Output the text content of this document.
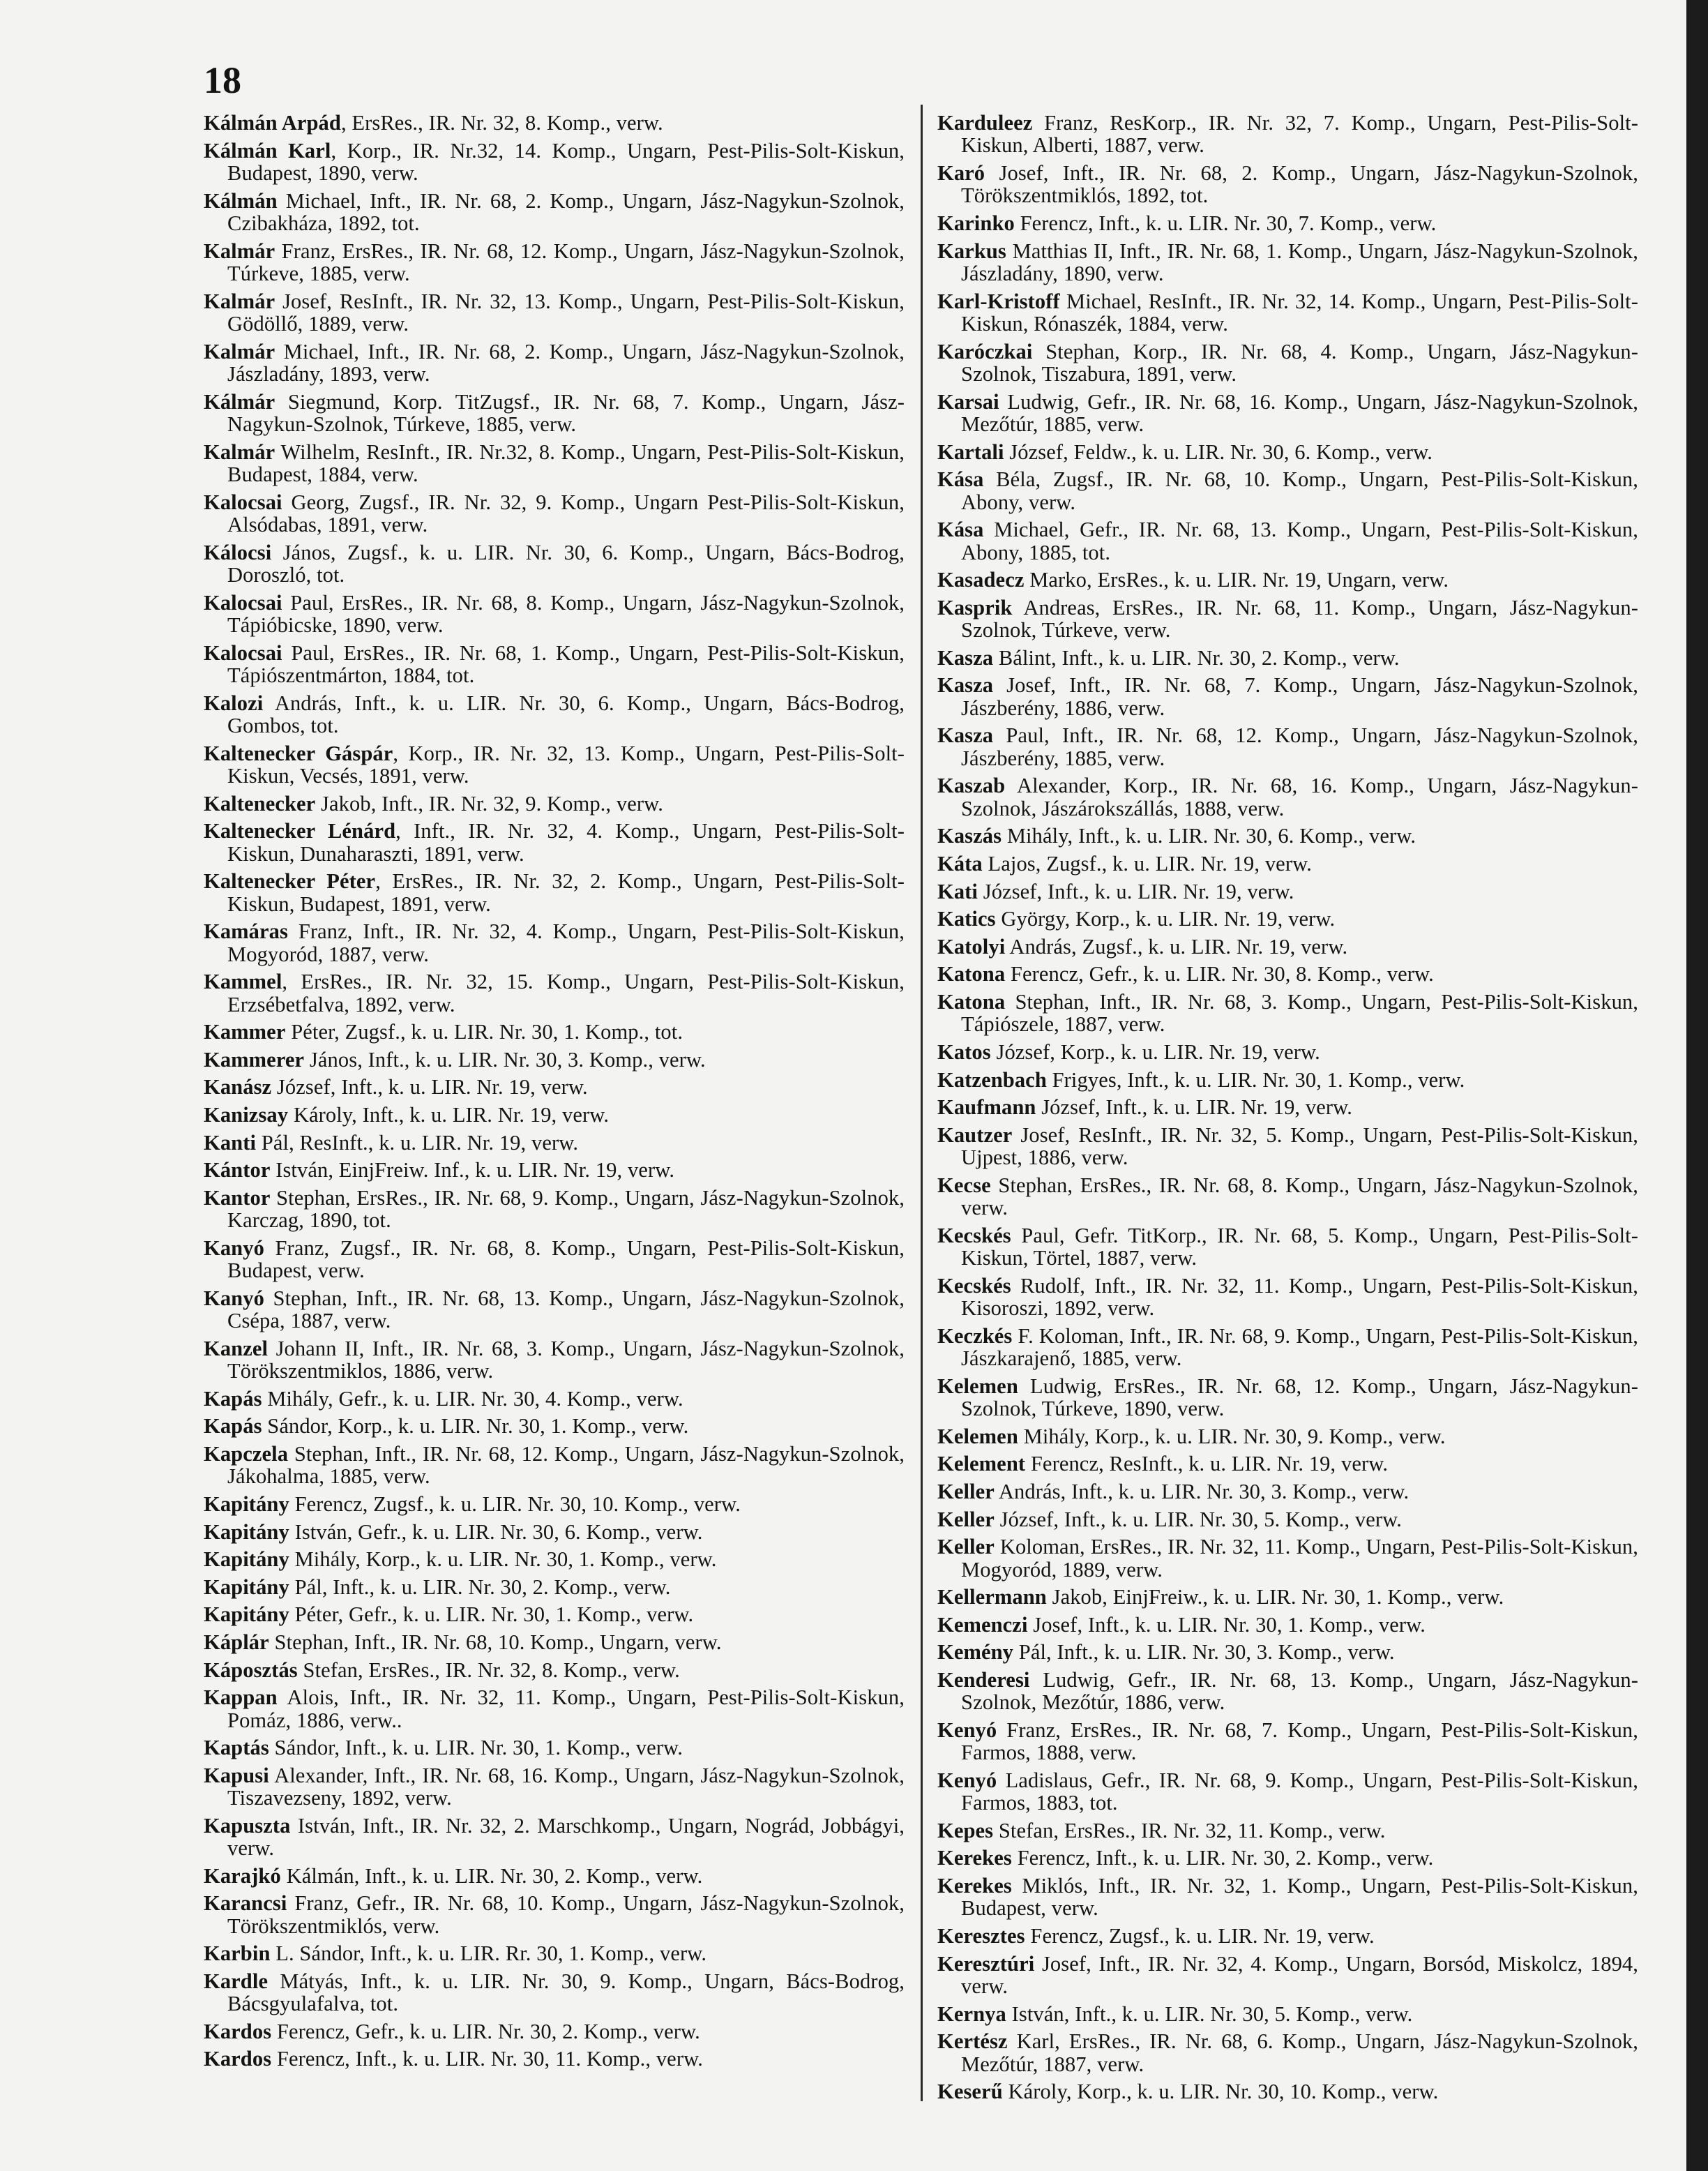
18

Kálmán Arpád, ErsRes., IR. Nr. 32, 8. Komp., verw.

Kálmán Karl, Korp., IR. Nr.32, 14. Komp., Ungarn, Pest-Pilis-Solt-Kiskun, Budapest, 1890, verw.

Kálmán Michael, Inft., IR. Nr. 68, 2. Komp., Ungarn, Jász-Nagykun-Szolnok, Czibakháza, 1892, tot.

Kalmár Franz, ErsRes., IR. Nr. 68, 12. Komp., Ungarn, Jász-Nagykun-Szolnok, Túrkeve, 1885, verw.

Kalmár Josef, ResInft., IR. Nr. 32, 13. Komp., Ungarn, Pest-Pilis-Solt-Kiskun, Gödöllő, 1889, verw.

Kalmár Michael, Inft., IR. Nr. 68, 2. Komp., Ungarn, Jász-Nagykun-Szolnok, Jászladány, 1893, verw.

Kálmár Siegmund, Korp. TitZugsf., IR. Nr. 68, 7. Komp., Ungarn, Jász-Nagykun-Szolnok, Túrkeve, 1885, verw.

Kalmár Wilhelm, ResInft., IR. Nr.32, 8. Komp., Ungarn, Pest-Pilis-Solt-Kiskun, Budapest, 1884, verw.

Kalocsai Georg, Zugsf., IR. Nr. 32, 9. Komp., Ungarn Pest-Pilis-Solt-Kiskun, Alsódabas, 1891, verw.

Kálocsi János, Zugsf., k. u. LIR. Nr. 30, 6. Komp., Ungarn, Bács-Bodrog, Doroszló, tot.

Kalocsai Paul, ErsRes., IR. Nr. 68, 8. Komp., Ungarn, Jász-Nagykun-Szolnok, Tápióbicske, 1890, verw.

Kalocsai Paul, ErsRes., IR. Nr. 68, 1. Komp., Ungarn, Pest-Pilis-Solt-Kiskun, Tápiószentmárton, 1884, tot.

Kalozi András, Inft., k. u. LIR. Nr. 30, 6. Komp., Ungarn, Bács-Bodrog, Gombos, tot.

Kaltenecker Gáspár, Korp., IR. Nr. 32, 13. Komp., Ungarn, Pest-Pilis-Solt-Kiskun, Vecsés, 1891, verw.

Kaltenecker Jakob, Inft., IR. Nr. 32, 9. Komp., verw.

Kaltenecker Lénárd, Inft., IR. Nr. 32, 4. Komp., Ungarn, Pest-Pilis-Solt-Kiskun, Dunaharaszti, 1891, verw.

Kaltenecker Péter, ErsRes., IR. Nr. 32, 2. Komp., Ungarn, Pest-Pilis-Solt-Kiskun, Budapest, 1891, verw.

Kamáras Franz, Inft., IR. Nr. 32, 4. Komp., Ungarn, Pest-Pilis-Solt-Kiskun, Mogyoród, 1887, verw.

Kammel, ErsRes., IR. Nr. 32, 15. Komp., Ungarn, Pest-Pilis-Solt-Kiskun, Erzsébetfalva, 1892, verw.

Kammer Péter, Zugsf., k. u. LIR. Nr. 30, 1. Komp., tot.

Kammerer János, Inft., k. u. LIR. Nr. 30, 3. Komp., verw.

Kanász József, Inft., k. u. LIR. Nr. 19, verw.

Kanizsay Károly, Inft., k. u. LIR. Nr. 19, verw.

Kanti Pál, ResInft., k. u. LIR. Nr. 19, verw.

Kántor István, EinjFreiw. Inf., k. u. LIR. Nr. 19, verw.

Kantor Stephan, ErsRes., IR. Nr. 68, 9. Komp., Ungarn, Jász-Nagykun-Szolnok, Karczag, 1890, tot.

Kanyó Franz, Zugsf., IR. Nr. 68, 8. Komp., Ungarn, Pest-Pilis-Solt-Kiskun, Budapest, verw.

Kanyó Stephan, Inft., IR. Nr. 68, 13. Komp., Ungarn, Jász-Nagykun-Szolnok, Csépa, 1887, verw.

Kanzel Johann II, Inft., IR. Nr. 68, 3. Komp., Ungarn, Jász-Nagykun-Szolnok, Törökszentmiklos, 1886, verw.

Kapás Mihály, Gefr., k. u. LIR. Nr. 30, 4. Komp., verw.

Kapás Sándor, Korp., k. u. LIR. Nr. 30, 1. Komp., verw.

Kapczela Stephan, Inft., IR. Nr. 68, 12. Komp., Ungarn, Jász-Nagykun-Szolnok, Jákohalma, 1885, verw.

Kapitány Ferencz, Zugsf., k. u. LIR. Nr. 30, 10. Komp., verw.

Kapitány István, Gefr., k. u. LIR. Nr. 30, 6. Komp., verw.

Kapitány Mihály, Korp., k. u. LIR. Nr. 30, 1. Komp., verw.

Kapitány Pál, Inft., k. u. LIR. Nr. 30, 2. Komp., verw.

Kapitány Péter, Gefr., k. u. LIR. Nr. 30, 1. Komp., verw.

Káplár Stephan, Inft., IR. Nr. 68, 10. Komp., Ungarn, verw.

Káposztás Stefan, ErsRes., IR. Nr. 32, 8. Komp., verw.

Kappan Alois, Inft., IR. Nr. 32, 11. Komp., Ungarn, Pest-Pilis-Solt-Kiskun, Pomáz, 1886, verw..

Kaptás Sándor, Inft., k. u. LIR. Nr. 30, 1. Komp., verw.

Kapusi Alexander, Inft., IR. Nr. 68, 16. Komp., Ungarn, Jász-Nagykun-Szolnok, Tiszavezseny, 1892, verw.

Kapuszta István, Inft., IR. Nr. 32, 2. Marschkomp., Ungarn, Nográd, Jobbágyi, verw.

Karajkó Kálmán, Inft., k. u. LIR. Nr. 30, 2. Komp., verw.

Karancsi Franz, Gefr., IR. Nr. 68, 10. Komp., Ungarn, Jász-Nagykun-Szolnok, Törökszentmiklós, verw.

Karbin L. Sándor, Inft., k. u. LIR. Rr. 30, 1. Komp., verw.

Kardle Mátyás, Inft., k. u. LIR. Nr. 30, 9. Komp., Ungarn, Bács-Bodrog, Bácsgyulafalva, tot.

Kardos Ferencz, Gefr., k. u. LIR. Nr. 30, 2. Komp., verw.

Kardos Ferencz, Inft., k. u. LIR. Nr. 30, 11. Komp., verw.

Karduleez Franz, ResKorp., IR. Nr. 32, 7. Komp., Ungarn, Pest-Pilis-Solt-Kiskun, Alberti, 1887, verw.

Karó Josef, Inft., IR. Nr. 68, 2. Komp., Ungarn, Jász-Nagykun-Szolnok, Törökszentmiklós, 1892, tot.

Karinko Ferencz, Inft., k. u. LIR. Nr. 30, 7. Komp., verw.

Karkus Matthias II, Inft., IR. Nr. 68, 1. Komp., Ungarn, Jász-Nagykun-Szolnok, Jászladány, 1890, verw.

Karl-Kristoff Michael, ResInft., IR. Nr. 32, 14. Komp., Ungarn, Pest-Pilis-Solt-Kiskun, Rónaszék, 1884, verw.

Karóczkai Stephan, Korp., IR. Nr. 68, 4. Komp., Ungarn, Jász-Nagykun-Szolnok, Tiszabura, 1891, verw.

Karsai Ludwig, Gefr., IR. Nr. 68, 16. Komp., Ungarn, Jász-Nagykun-Szolnok, Mezőtúr, 1885, verw.

Kartali József, Feldw., k. u. LIR. Nr. 30, 6. Komp., verw.

Kása Béla, Zugsf., IR. Nr. 68, 10. Komp., Ungarn, Pest-Pilis-Solt-Kiskun, Abony, verw.

Kása Michael, Gefr., IR. Nr. 68, 13. Komp., Ungarn, Pest-Pilis-Solt-Kiskun, Abony, 1885, tot.

Kasadecz Marko, ErsRes., k. u. LIR. Nr. 19, Ungarn, verw.

Kasprik Andreas, ErsRes., IR. Nr. 68, 11. Komp., Ungarn, Jász-Nagykun-Szolnok, Túrkeve, verw.

Kasza Bálint, Inft., k. u. LIR. Nr. 30, 2. Komp., verw.

Kasza Josef, Inft., IR. Nr. 68, 7. Komp., Ungarn, Jász-Nagykun-Szolnok, Jászberény, 1886, verw.

Kasza Paul, Inft., IR. Nr. 68, 12. Komp., Ungarn, Jász-Nagykun-Szolnok, Jászberény, 1885, verw.

Kaszab Alexander, Korp., IR. Nr. 68, 16. Komp., Ungarn, Jász-Nagykun-Szolnok, Jászárokszállás, 1888, verw.

Kaszás Mihály, Inft., k. u. LIR. Nr. 30, 6. Komp., verw.

Káta Lajos, Zugsf., k. u. LIR. Nr. 19, verw.

Kati József, Inft., k. u. LIR. Nr. 19, verw.

Katics György, Korp., k. u. LIR. Nr. 19, verw.

Katolyi András, Zugsf., k. u. LIR. Nr. 19, verw.

Katona Ferencz, Gefr., k. u. LIR. Nr. 30, 8. Komp., verw.

Katona Stephan, Inft., IR. Nr. 68, 3. Komp., Ungarn, Pest-Pilis-Solt-Kiskun, Tápiószele, 1887, verw.

Katos József, Korp., k. u. LIR. Nr. 19, verw.

Katzenbach Frigyes, Inft., k. u. LIR. Nr. 30, 1. Komp., verw.

Kaufmann József, Inft., k. u. LIR. Nr. 19, verw.

Kautzer Josef, ResInft., IR. Nr. 32, 5. Komp., Ungarn, Pest-Pilis-Solt-Kiskun, Ujpest, 1886, verw.

Kecse Stephan, ErsRes., IR. Nr. 68, 8. Komp., Ungarn, Jász-Nagykun-Szolnok, verw.

Kecskés Paul, Gefr. TitKorp., IR. Nr. 68, 5. Komp., Ungarn, Pest-Pilis-Solt-Kiskun, Törtel, 1887, verw.

Kecskés Rudolf, Inft., IR. Nr. 32, 11. Komp., Ungarn, Pest-Pilis-Solt-Kiskun, Kisoroszi, 1892, verw.

Keczkés F. Koloman, Inft., IR. Nr. 68, 9. Komp., Ungarn, Pest-Pilis-Solt-Kiskun, Jászkarajenő, 1885, verw.

Kelemen Ludwig, ErsRes., IR. Nr. 68, 12. Komp., Ungarn, Jász-Nagykun-Szolnok, Túrkeve, 1890, verw.

Kelemen Mihály, Korp., k. u. LIR. Nr. 30, 9. Komp., verw.

Kelement Ferencz, ResInft., k. u. LIR. Nr. 19, verw.

Keller András, Inft., k. u. LIR. Nr. 30, 3. Komp., verw.

Keller József, Inft., k. u. LIR. Nr. 30, 5. Komp., verw.

Keller Koloman, ErsRes., IR. Nr. 32, 11. Komp., Ungarn, Pest-Pilis-Solt-Kiskun, Mogyoród, 1889, verw.

Kellermann Jakob, EinjFreiw., k. u. LIR. Nr. 30, 1. Komp., verw.

Kemenczi Josef, Inft., k. u. LIR. Nr. 30, 1. Komp., verw.

Kemény Pál, Inft., k. u. LIR. Nr. 30, 3. Komp., verw.

Kenderesi Ludwig, Gefr., IR. Nr. 68, 13. Komp., Ungarn, Jász-Nagykun-Szolnok, Mezőtúr, 1886, verw.

Kenyó Franz, ErsRes., IR. Nr. 68, 7. Komp., Ungarn, Pest-Pilis-Solt-Kiskun, Farmos, 1888, verw.

Kenyó Ladislaus, Gefr., IR. Nr. 68, 9. Komp., Ungarn, Pest-Pilis-Solt-Kiskun, Farmos, 1883, tot.

Kepes Stefan, ErsRes., IR. Nr. 32, 11. Komp., verw.

Kerekes Ferencz, Inft., k. u. LIR. Nr. 30, 2. Komp., verw.

Kerekes Miklós, Inft., IR. Nr. 32, 1. Komp., Ungarn, Pest-Pilis-Solt-Kiskun, Budapest, verw.

Keresztes Ferencz, Zugsf., k. u. LIR. Nr. 19, verw.

Keresztúri Josef, Inft., IR. Nr. 32, 4. Komp., Ungarn, Borsód, Miskolcz, 1894, verw.

Kernya István, Inft., k. u. LIR. Nr. 30, 5. Komp., verw.

Kertész Karl, ErsRes., IR. Nr. 68, 6. Komp., Ungarn, Jász-Nagykun-Szolnok, Mezőtúr, 1887, verw.

Keserű Károly, Korp., k. u. LIR. Nr. 30, 10. Komp., verw.
